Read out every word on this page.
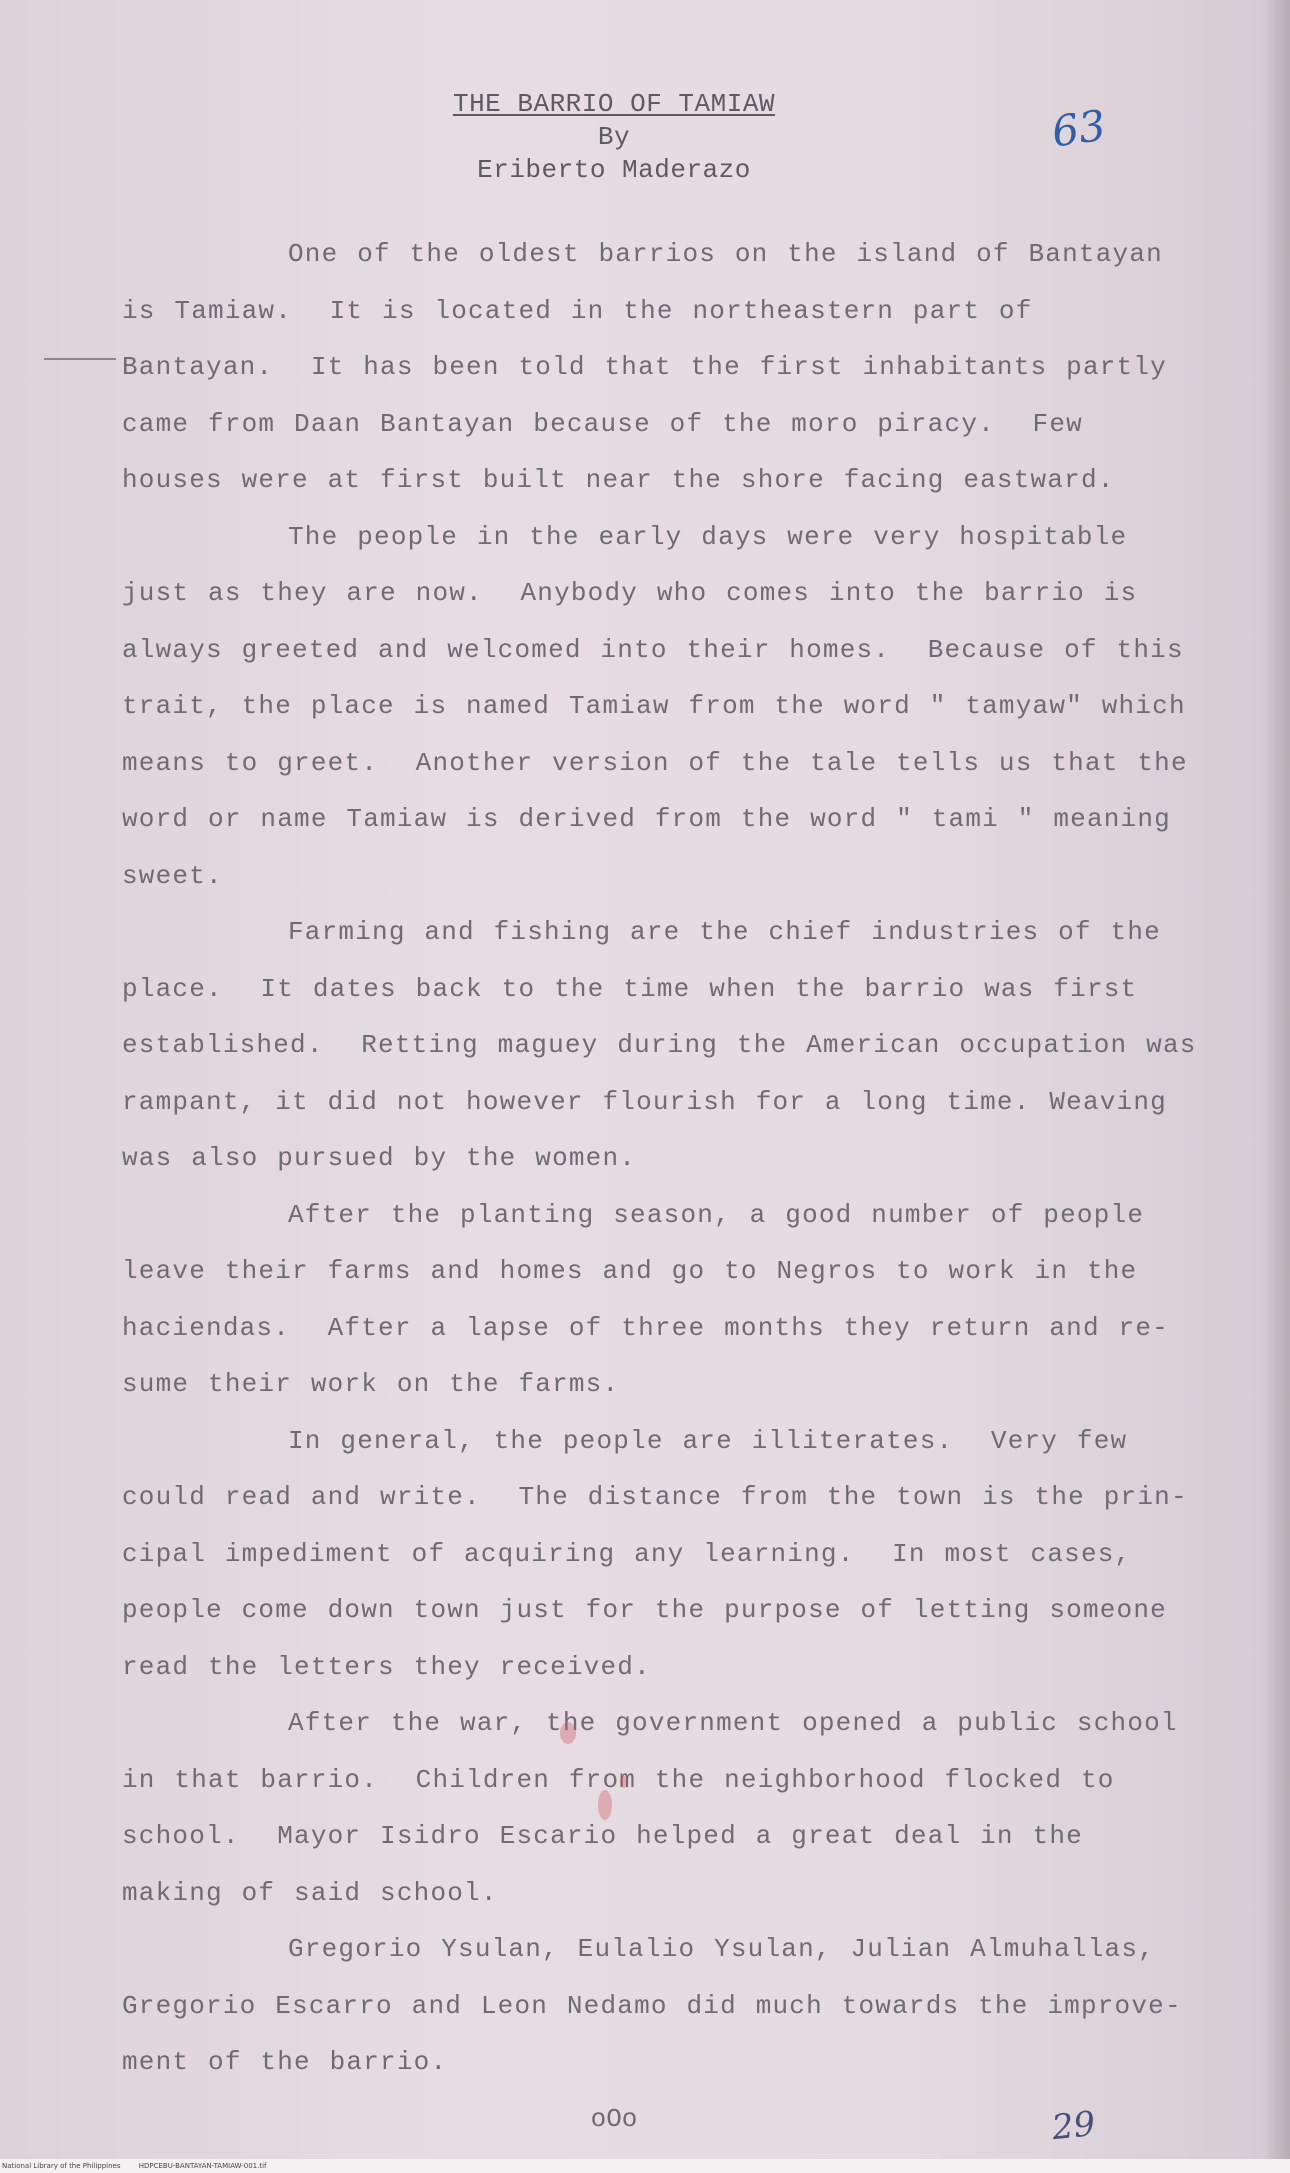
THE BARRIO OF TAMIAW
By
Eriberto Maderazo
63

One of the oldest barrios on the island of Bantayan is Tamiaw.  It is located in the northeastern part of Bantayan.  It has been told that the first inhabitants partly came from Daan Bantayan because of the moro piracy.  Few houses were at first built near the shore facing eastward.

The people in the early days were very hospitable just as they are now.  Anybody who comes into the barrio is always greeted and welcomed into their homes.  Because of this trait, the place is named Tamiaw from the word " tamyaw" which means to greet.  Another version of the tale tells us that the word or name Tamiaw is derived from the word " tami " meaning sweet.

Farming and fishing are the chief industries of the place.  It dates back to the time when the barrio was first established.  Retting maguey during the American occupation was rampant, it did not however flourish for a long time. Weaving was also pursued by the women.

After the planting season, a good number of people leave their farms and homes and go to Negros to work in the haciendas.  After a lapse of three months they return and re-sume their work on the farms.

In general, the people are illiterates.  Very few could read and write.  The distance from the town is the prin-cipal impediment of acquiring any learning.  In most cases, people come down town just for the purpose of letting someone read the letters they received.

After the war, the government opened a public school in that barrio.  Children from the neighborhood flocked to school.  Mayor Isidro Escario helped a great deal in the making of said school.

Gregorio Ysulan, Eulalio Ysulan, Julian Almuhallas, Gregorio Escarro and Leon Nedamo did much towards the improve-ment of the barrio.

oOo	29
National Library of the Philippines	HDPCEBU-BANTAYAN-TAMIAW-001.tif
